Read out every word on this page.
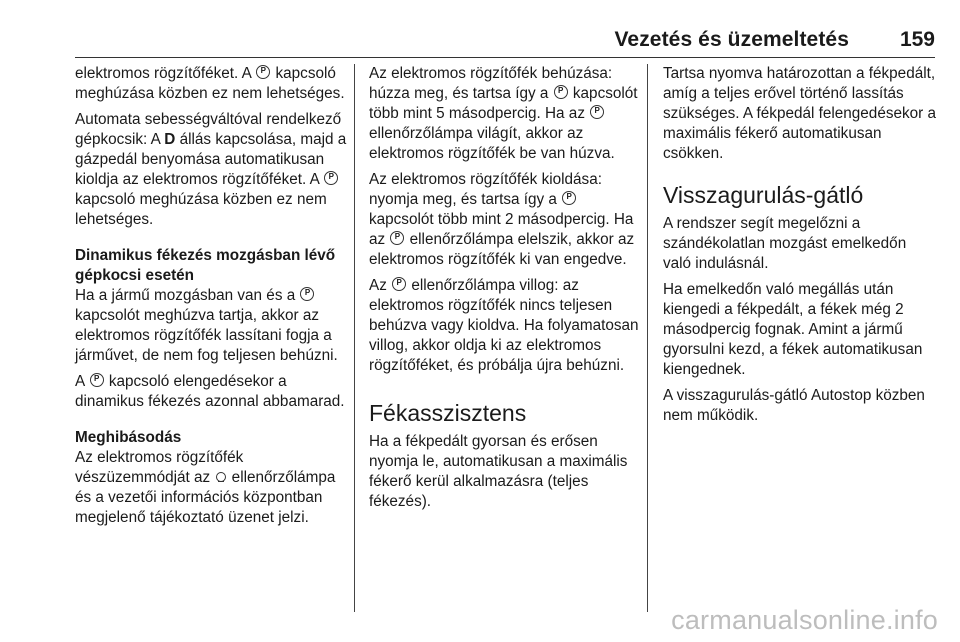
Vezetés és üzemeltetés 159

elektromos rögzítőféket. A P kapcsoló meghúzása közben ez nem lehetséges.

Automata sebességváltóval rendelkező gépkocsik: A D állás kapcsolása, majd a gázpedál benyomása automatikusan kioldja az elektromos rögzítőféket. A P kapcsoló meghúzása közben ez nem lehetséges.

Dinamikus fékezés mozgásban lévő gépkocsi esetén

Ha a jármű mozgásban van és a P kapcsolót meghúzva tartja, akkor az elektromos rögzítőfék lassítani fogja a járművet, de nem fog teljesen behúzni.

A P kapcsoló elengedésekor a dinamikus fékezés azonnal abbamarad.

Meghibásodás

Az elektromos rögzítőfék vészüzemmódját az  ellenőrzőlámpa és a vezetői információs központban megjelenő tájékoztató üzenet jelzi.

Az elektromos rögzítőfék behúzása: húzza meg, és tartsa így a P kapcsolót több mint 5 másodpercig. Ha az P ellenőrzőlámpa világít, akkor az elektromos rögzítőfék be van húzva.

Az elektromos rögzítőfék kioldása: nyomja meg, és tartsa így a P kapcsolót több mint 2 másodpercig. Ha az P ellenőrzőlámpa elelszik, akkor az elektromos rögzítőfék ki van engedve.

Az P ellenőrzőlámpa villog: az elektromos rögzítőfék nincs teljesen behúzva vagy kioldva. Ha folyamatosan villog, akkor oldja ki az elektromos rögzítőféket, és próbálja újra behúzni.

Fékasszisztens

Ha a fékpedált gyorsan és erősen nyomja le, automatikusan a maximális fékerő kerül alkalmazásra (teljes fékezés).

Tartsa nyomva határozottan a fékpedált, amíg a teljes erővel történő lassítás szükséges. A fékpedál felengedésekor a maximális fékerő automatikusan csökken.

Visszagurulás-gátló

A rendszer segít megelőzni a szándékolatlan mozgást emelkedőn való indulásnál.

Ha emelkedőn való megállás után kiengedi a fékpedált, a fékek még 2 másodpercig fognak. Amint a jármű gyorsulni kezd, a fékek automatikusan kiengednek.

A visszagurulás-gátló Autostop közben nem működik.

carmanualsonline.info
